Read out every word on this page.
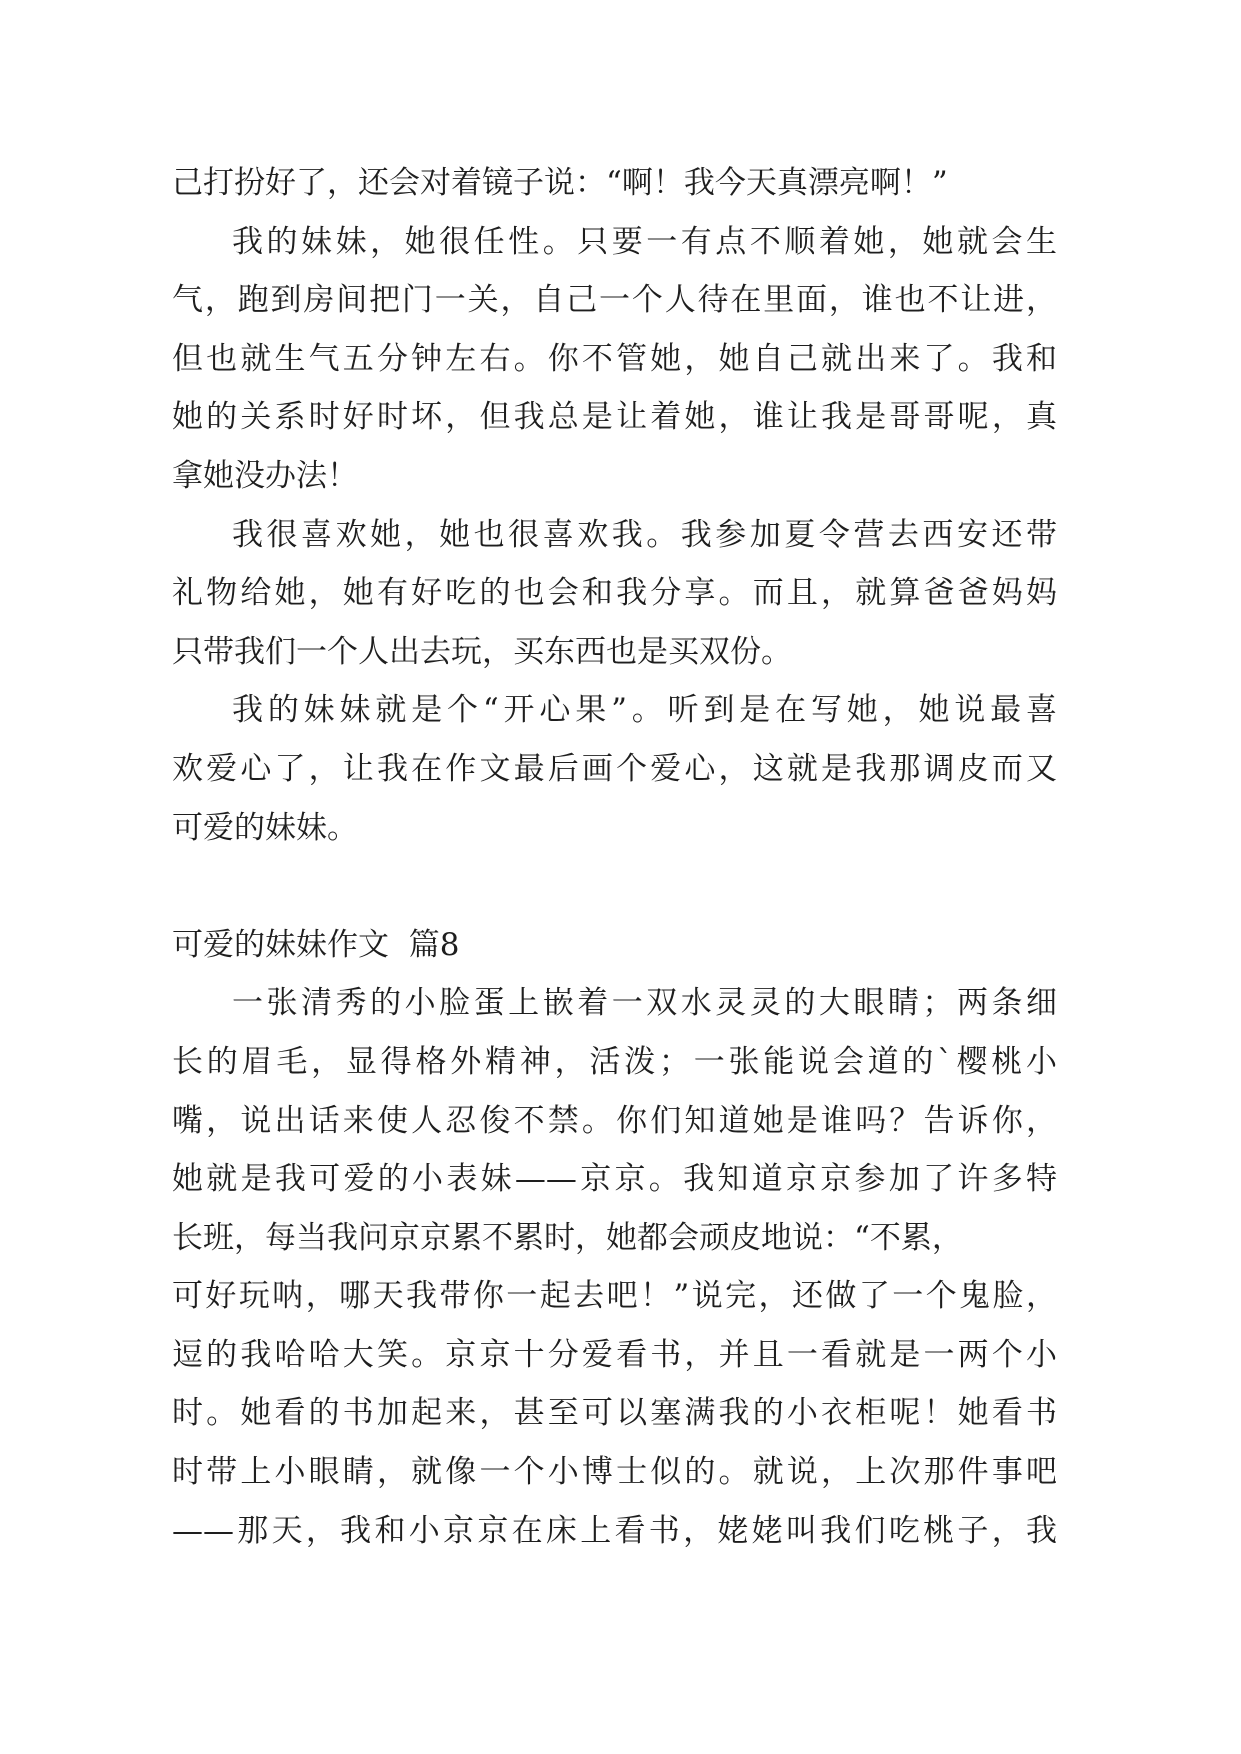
己打扮好了，还会对着镜子说：“啊！我今天真漂亮啊！”
我的妹妹，她很任性。只要一有点不顺着她，她就会生
气，跑到房间把门一关，自己一个人待在里面，谁也不让进，
但也就生气五分钟左右。你不管她，她自己就出来了。我和
她的关系时好时坏，但我总是让着她，谁让我是哥哥呢，真
拿她没办法！
我很喜欢她，她也很喜欢我。我参加夏令营去西安还带
礼物给她，她有好吃的也会和我分享。而且，就算爸爸妈妈
只带我们一个人出去玩，买东西也是买双份。
我的妹妹就是个“开心果”。听到是在写她，她说最喜
欢爱心了，让我在作文最后画个爱心，这就是我那调皮而又
可爱的妹妹。
可爱的妹妹作文  篇8
一张清秀的小脸蛋上嵌着一双水灵灵的大眼睛；两条细
长的眉毛，显得格外精神，活泼；一张能说会道的`樱桃小
嘴，说出话来使人忍俊不禁。你们知道她是谁吗？告诉你，
她就是我可爱的小表妹——京京。我知道京京参加了许多特
长班，每当我问京京累不累时，她都会顽皮地说：“不累，
可好玩呐，哪天我带你一起去吧！”说完，还做了一个鬼脸，
逗的我哈哈大笑。京京十分爱看书，并且一看就是一两个小
时。她看的书加起来，甚至可以塞满我的小衣柜呢！她看书
时带上小眼睛，就像一个小博士似的。就说，上次那件事吧
——那天，我和小京京在床上看书，姥姥叫我们吃桃子，我
